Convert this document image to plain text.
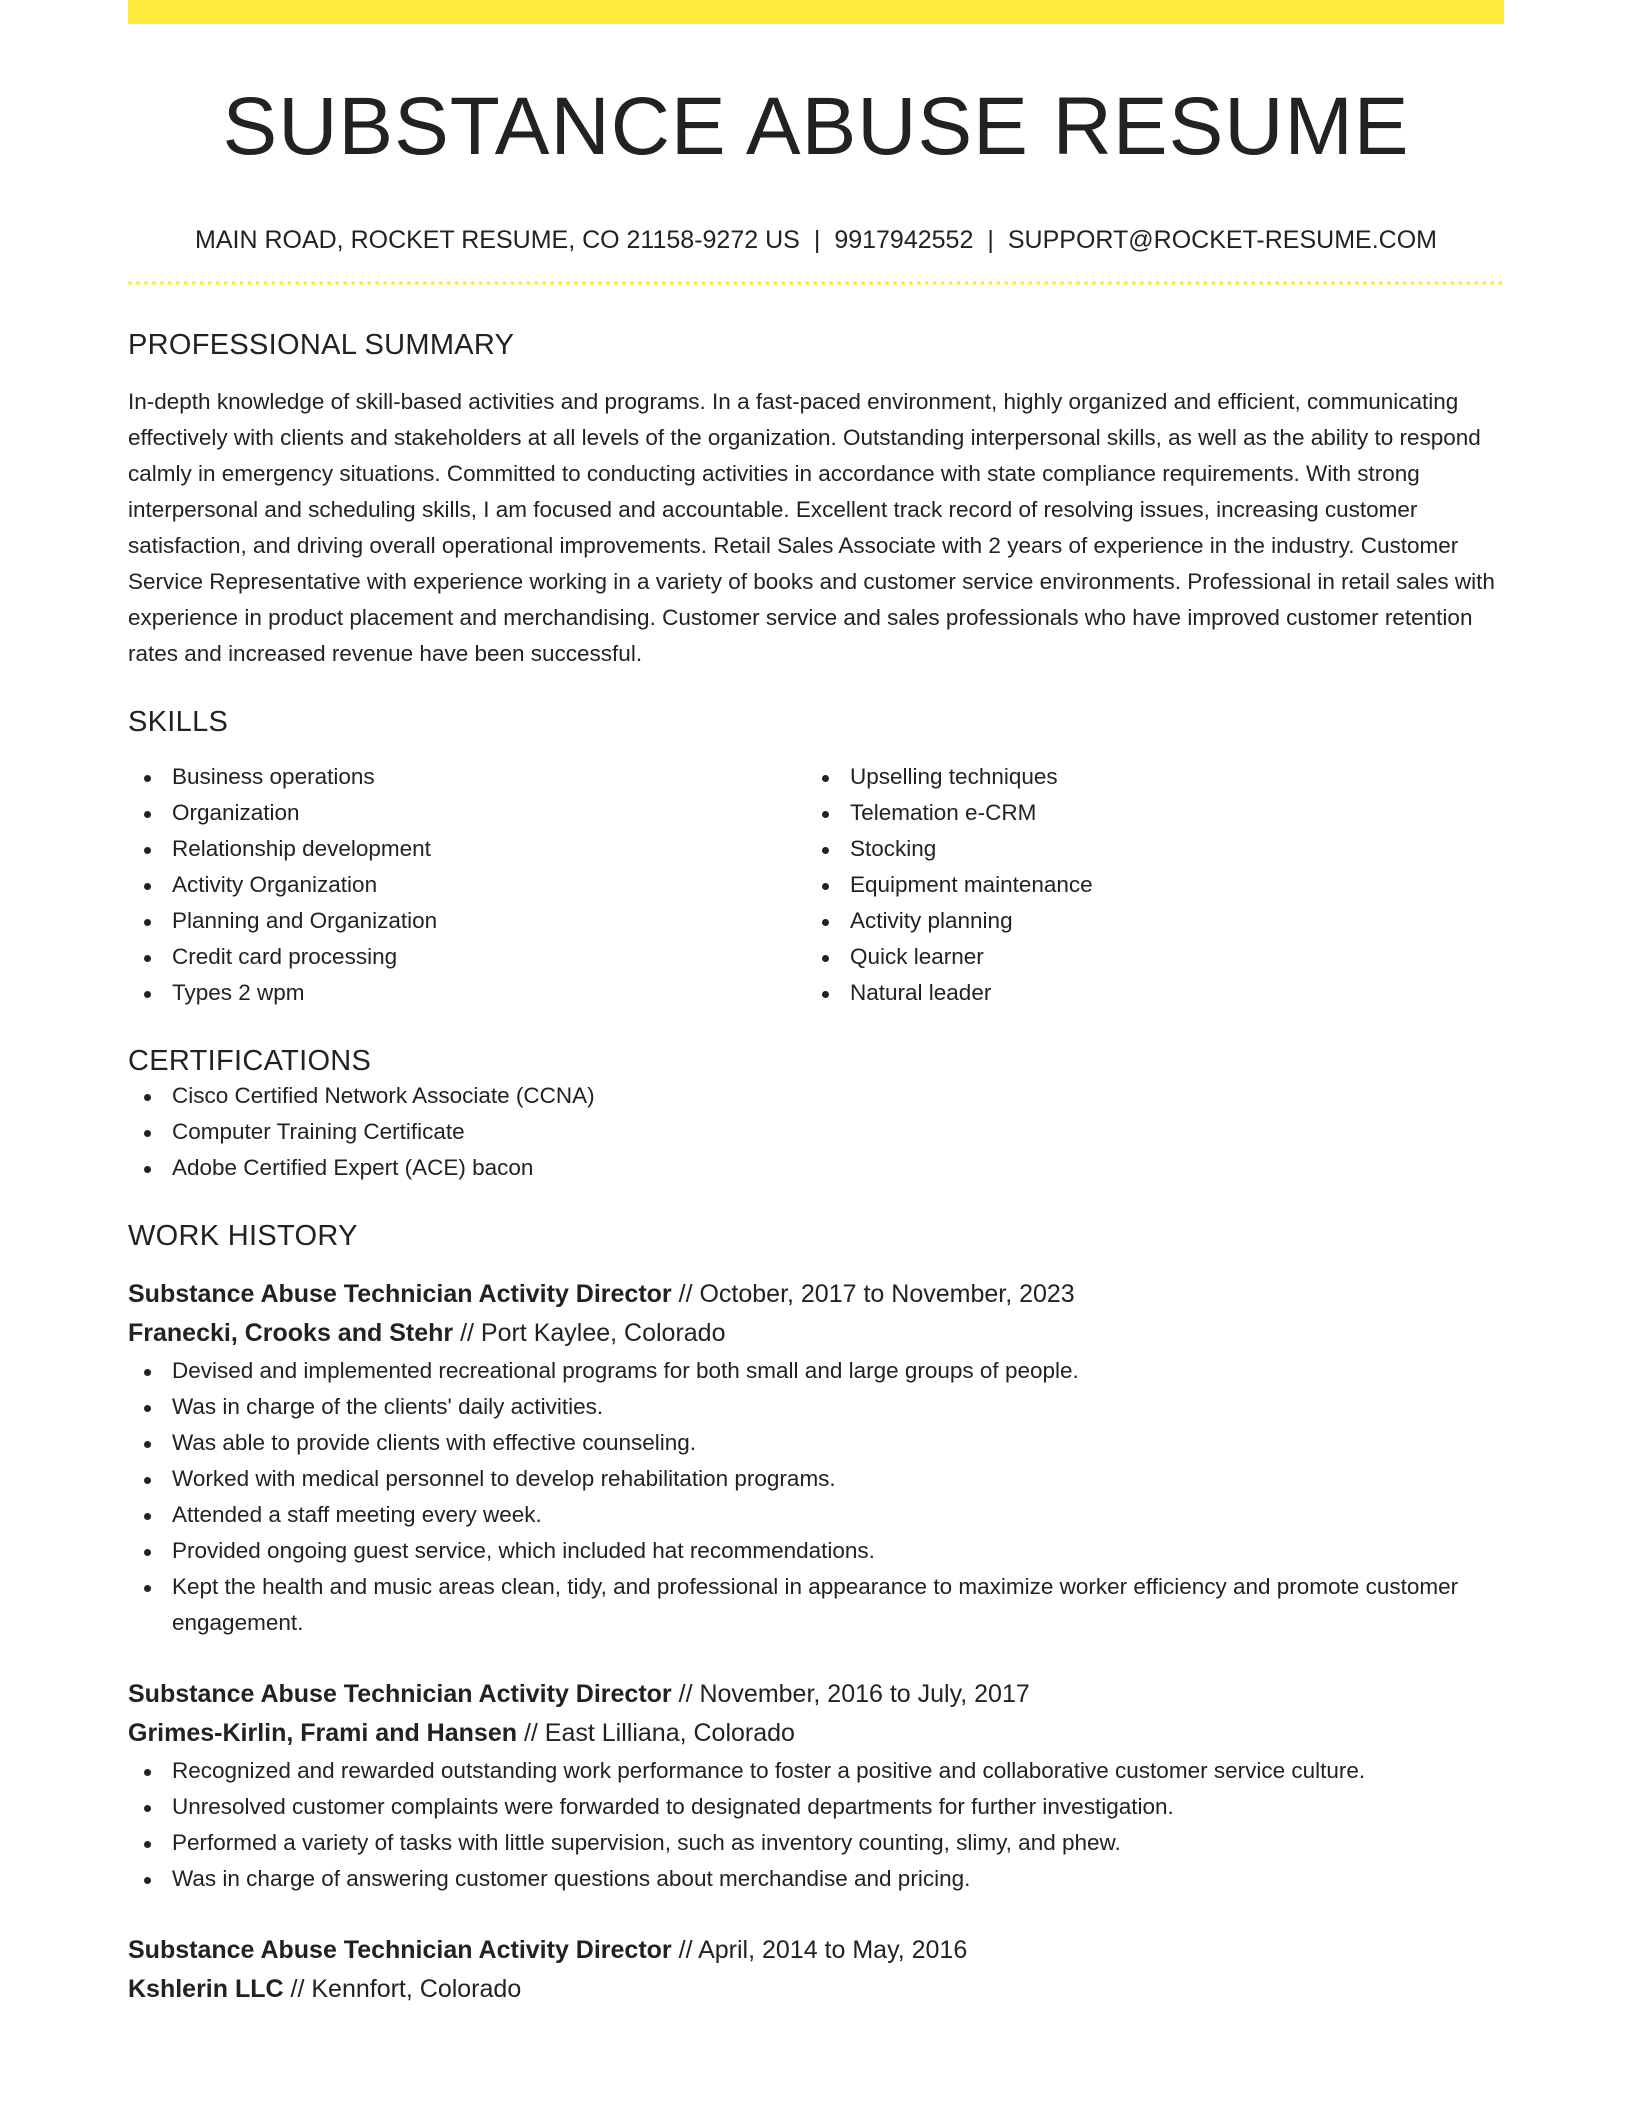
SUBSTANCE ABUSE RESUME
MAIN ROAD, ROCKET RESUME, CO 21158-9272 US | 9917942552 | SUPPORT@ROCKET-RESUME.COM
PROFESSIONAL SUMMARY
In-depth knowledge of skill-based activities and programs. In a fast-paced environment, highly organized and efficient, communicating effectively with clients and stakeholders at all levels of the organization. Outstanding interpersonal skills, as well as the ability to respond calmly in emergency situations. Committed to conducting activities in accordance with state compliance requirements. With strong interpersonal and scheduling skills, I am focused and accountable. Excellent track record of resolving issues, increasing customer satisfaction, and driving overall operational improvements. Retail Sales Associate with 2 years of experience in the industry. Customer Service Representative with experience working in a variety of books and customer service environments. Professional in retail sales with experience in product placement and merchandising. Customer service and sales professionals who have improved customer retention rates and increased revenue have been successful.
SKILLS
Business operations
Organization
Relationship development
Activity Organization
Planning and Organization
Credit card processing
Types 2 wpm
Upselling techniques
Telemation e-CRM
Stocking
Equipment maintenance
Activity planning
Quick learner
Natural leader
CERTIFICATIONS
Cisco Certified Network Associate (CCNA)
Computer Training Certificate
Adobe Certified Expert (ACE) bacon
WORK HISTORY
Substance Abuse Technician Activity Director // October, 2017 to November, 2023
Franecki, Crooks and Stehr // Port Kaylee, Colorado
Devised and implemented recreational programs for both small and large groups of people.
Was in charge of the clients' daily activities.
Was able to provide clients with effective counseling.
Worked with medical personnel to develop rehabilitation programs.
Attended a staff meeting every week.
Provided ongoing guest service, which included hat recommendations.
Kept the health and music areas clean, tidy, and professional in appearance to maximize worker efficiency and promote customer engagement.
Substance Abuse Technician Activity Director // November, 2016 to July, 2017
Grimes-Kirlin, Frami and Hansen // East Lilliana, Colorado
Recognized and rewarded outstanding work performance to foster a positive and collaborative customer service culture.
Unresolved customer complaints were forwarded to designated departments for further investigation.
Performed a variety of tasks with little supervision, such as inventory counting, slimy, and phew.
Was in charge of answering customer questions about merchandise and pricing.
Substance Abuse Technician Activity Director // April, 2014 to May, 2016
Kshlerin LLC // Kennfort, Colorado
